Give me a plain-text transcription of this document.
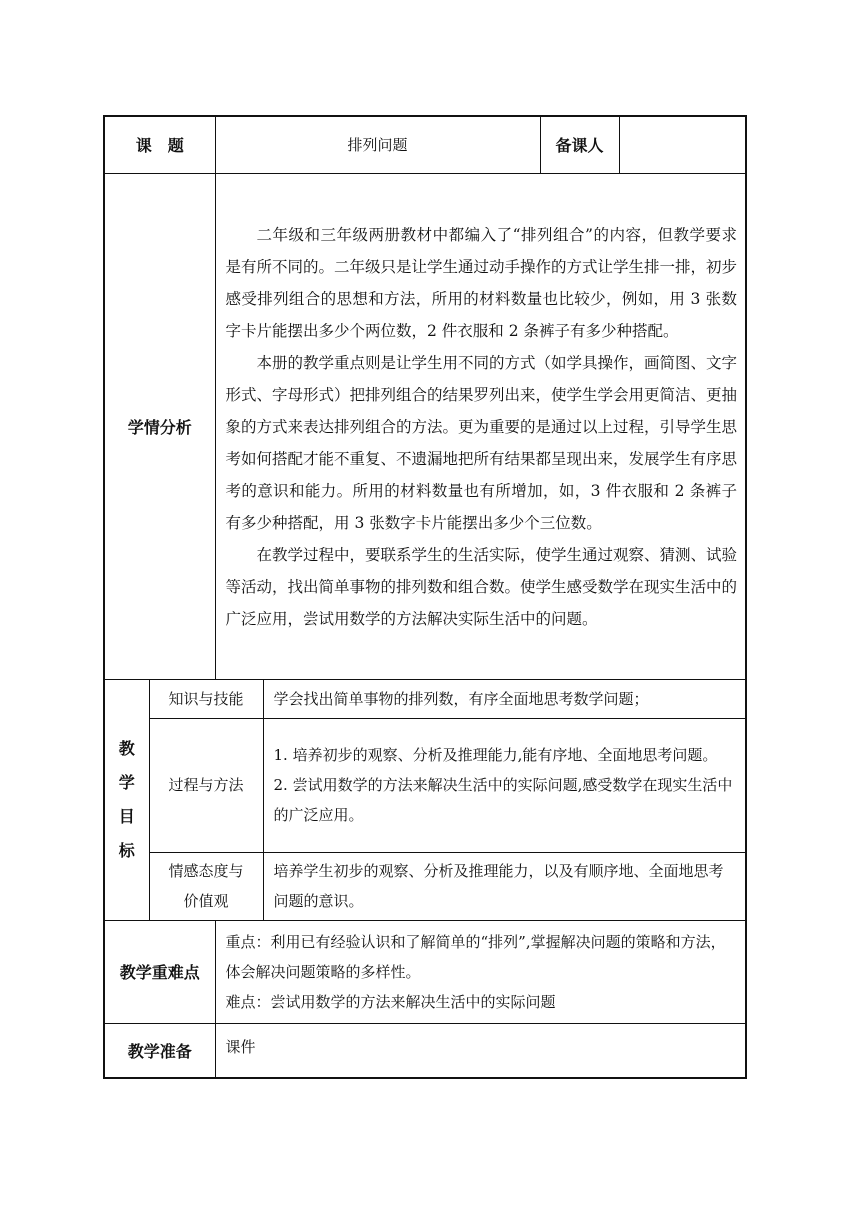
课　题		排列问题		备课人	
学情分析		二年级和三年级两册教材中都编入了“排列组合”的内容，但教学要求是有所不同的。二年级只是让学生通过动手操作的方式让学生排一排，初步感受排列组合的思想和方法，所用的材料数量也比较少，例如，用 3 张数字卡片能摆出多少个两位数，2 件衣服和 2 条裤子有多少种搭配。

本册的教学重点则是让学生用不同的方式（如学具操作，画简图、文字形式、字母形式）把排列组合的结果罗列出来，使学生学会用更简洁、更抽象的方式来表达排列组合的方法。更为重要的是通过以上过程，引导学生思考如何搭配才能不重复、不遗漏地把所有结果都呈现出来，发展学生有序思考的意识和能力。所用的材料数量也有所增加，如，3 件衣服和 2 条裤子有多少种搭配，用 3 张数字卡片能摆出多少个三位数。

在教学过程中，要联系学生的生活实际，使学生通过观察、猜测、试验等活动，找出简单事物的排列数和组合数。使学生感受数学在现实生活中的广泛应用，尝试用数学的方法解决实际生活中的问题。			

教
学
目
标	知识与技能		学会找出简单事物的排列数，有序全面地思考数学问题；		

	过程与方法		1. 培养初步的观察、分析及推理能力,能有序地、全面地思考问题。

2. 尝试用数学的方法来解决生活中的实际问题,感受数学在现实生活中的广泛应用。		

	情感态度与
价值观		培养学生初步的观察、分析及推理能力，以及有顺序地、全面地思考问题的意识。		

教学重难点		重点：利用已有经验认识和了解简单的“排列”,掌握解决问题的策略和方法，体会解决问题策略的多样性。

难点：尝试用数学的方法来解决生活中的实际问题			

教学准备		课件			
